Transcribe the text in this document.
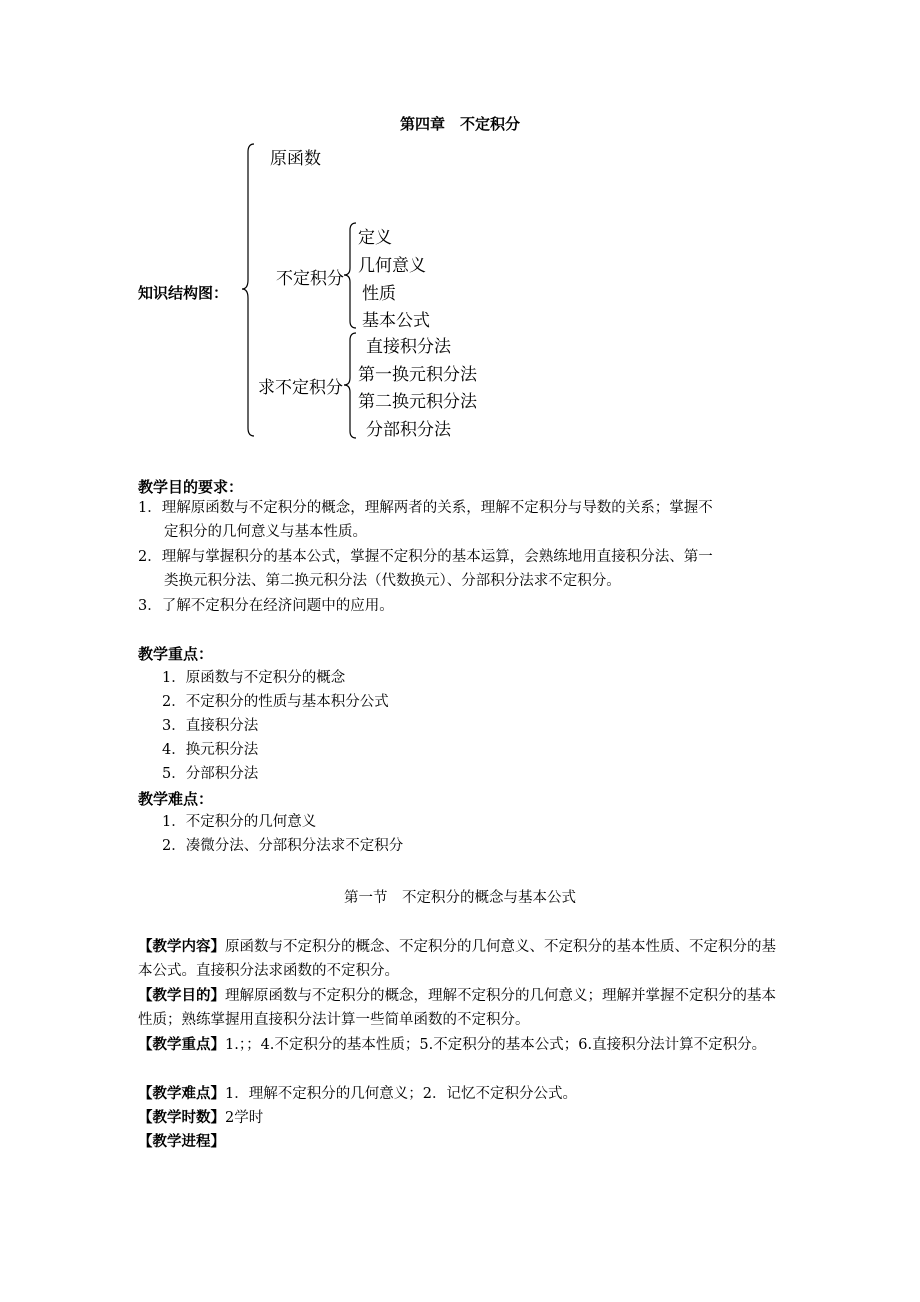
第四章　不定积分
知识结构图：
原函数
不定积分
求不定积分
定义
几何意义
性质
基本公式
直接积分法
第一换元积分法
第二换元积分法
分部积分法
教学目的要求：
1．理解原函数与不定积分的概念，理解两者的关系，理解不定积分与导数的关系；掌握不
定积分的几何意义与基本性质。
2．理解与掌握积分的基本公式，掌握不定积分的基本运算，会熟练地用直接积分法、第一
类换元积分法、第二换元积分法（代数换元）、分部积分法求不定积分。
3．了解不定积分在经济问题中的应用。
教学重点：
1．原函数与不定积分的概念
2．不定积分的性质与基本积分公式
3．直接积分法
4．换元积分法
5．分部积分法
教学难点：
1．不定积分的几何意义
2．凑微分法、分部积分法求不定积分
第一节　不定积分的概念与基本公式
【教学内容】原函数与不定积分的概念、不定积分的几何意义、不定积分的基本性质、不定积分的基本公式。直接积分法求函数的不定积分。
【教学目的】理解原函数与不定积分的概念，理解不定积分的几何意义；理解并掌握不定积分的基本性质；熟练掌握用直接积分法计算一些简单函数的不定积分。
【教学重点】1.；；4.不定积分的基本性质；5.不定积分的基本公式；6.直接积分法计算不定积分。
【教学难点】1．理解不定积分的几何意义；2．记忆不定积分公式。
【教学时数】2学时
【教学进程】
